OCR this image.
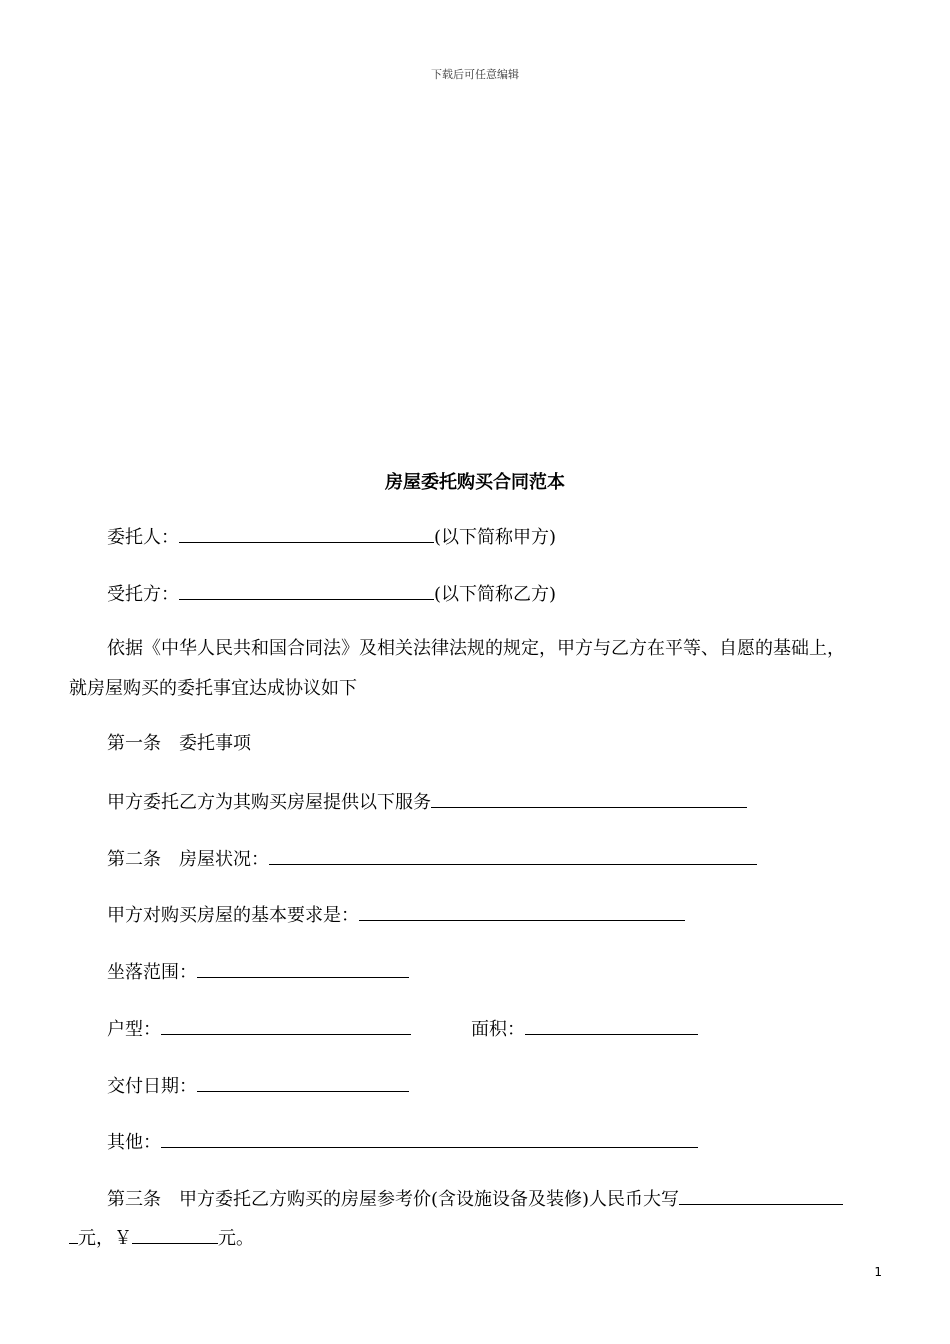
下载后可任意编辑
房屋委托购买合同范本
委托人：	(以下简称甲方)
受托方：	(以下简称乙方)
依据《中华人民共和国合同法》及相关法律法规的规定，甲方与乙方在平等、自愿的基础上，
就房屋购买的委托事宜达成协议如下
第一条　委托事项
甲方委托乙方为其购买房屋提供以下服务
第二条　房屋状况：
甲方对购买房屋的基本要求是：
坐落范围：
户型：	面积：
交付日期：
其他：
第三条　甲方委托乙方购买的房屋参考价(含设施设备及装修)人民币大写
元，￥	元。
1
